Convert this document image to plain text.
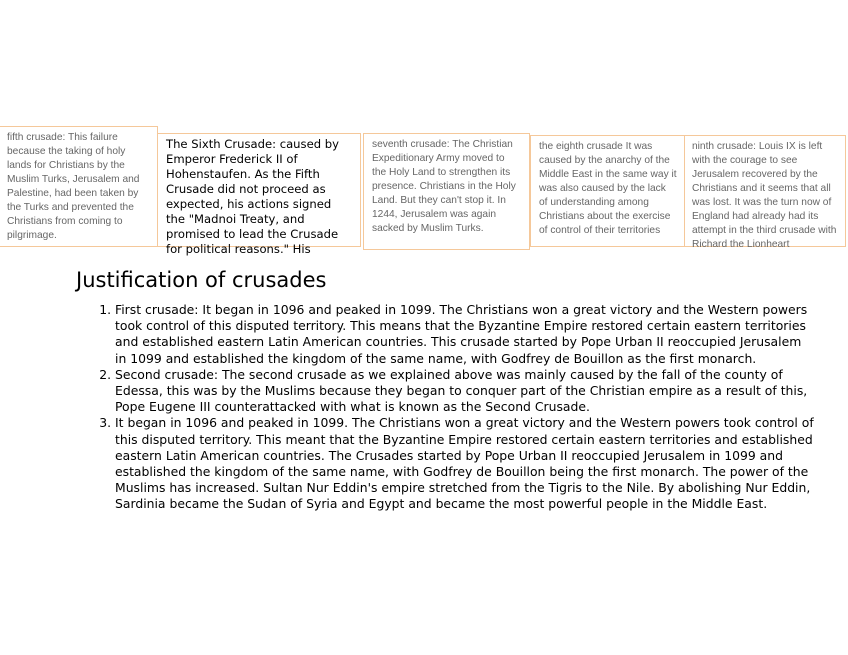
fifth crusade: This failure because the taking of holy lands for Christians by the Muslim Turks, Jerusalem and Palestine, had been taken by the Turks and prevented the Christians from coming to pilgrimage.

The Sixth Crusade: caused by Emperor Frederick II of Hohenstaufen. As the Fifth Crusade did not proceed as expected, his actions signed the "Madnoi Treaty, and promised to lead the Crusade for political reasons." His

seventh crusade: The Christian Expeditionary Army moved to the Holy Land to strengthen its presence. Christians in the Holy Land. But they can't stop it. In 1244, Jerusalem was again sacked by Muslim Turks.

the eighth crusade It was caused by the anarchy of the Middle East in the same way it was also caused by the lack of understanding among Christians about the exercise of control of their territories

ninth crusade: Louis IX is left with the courage to see Jerusalem recovered by the Christians and it seems that all was lost. It was the turn now of England had already had its attempt in the third crusade with Richard the Lionheart

Justification of crusades
1. First crusade: It began in 1096 and peaked in 1099. The Christians won a great victory and the Western powers took control of this disputed territory. This means that the Byzantine Empire restored certain eastern territories and established eastern Latin American countries. This crusade started by Pope Urban II reoccupied Jerusalem in 1099 and established the kingdom of the same name, with Godfrey de Bouillon as the first monarch.
2. Second crusade: The second crusade as we explained above was mainly caused by the fall of the county of Edessa, this was by the Muslims because they began to conquer part of the Christian empire as a result of this, Pope Eugene III counterattacked with what is known as the Second Crusade.
3. It began in 1096 and peaked in 1099. The Christians won a great victory and the Western powers took control of this disputed territory. This meant that the Byzantine Empire restored certain eastern territories and established eastern Latin American countries. The Crusades started by Pope Urban II reoccupied Jerusalem in 1099 and established the kingdom of the same name, with Godfrey de Bouillon being the first monarch. The power of the Muslims has increased. Sultan Nur Eddin's empire stretched from the Tigris to the Nile. By abolishing Nur Eddin, Sardinia became the Sudan of Syria and Egypt and became the most powerful people in the Middle East.
